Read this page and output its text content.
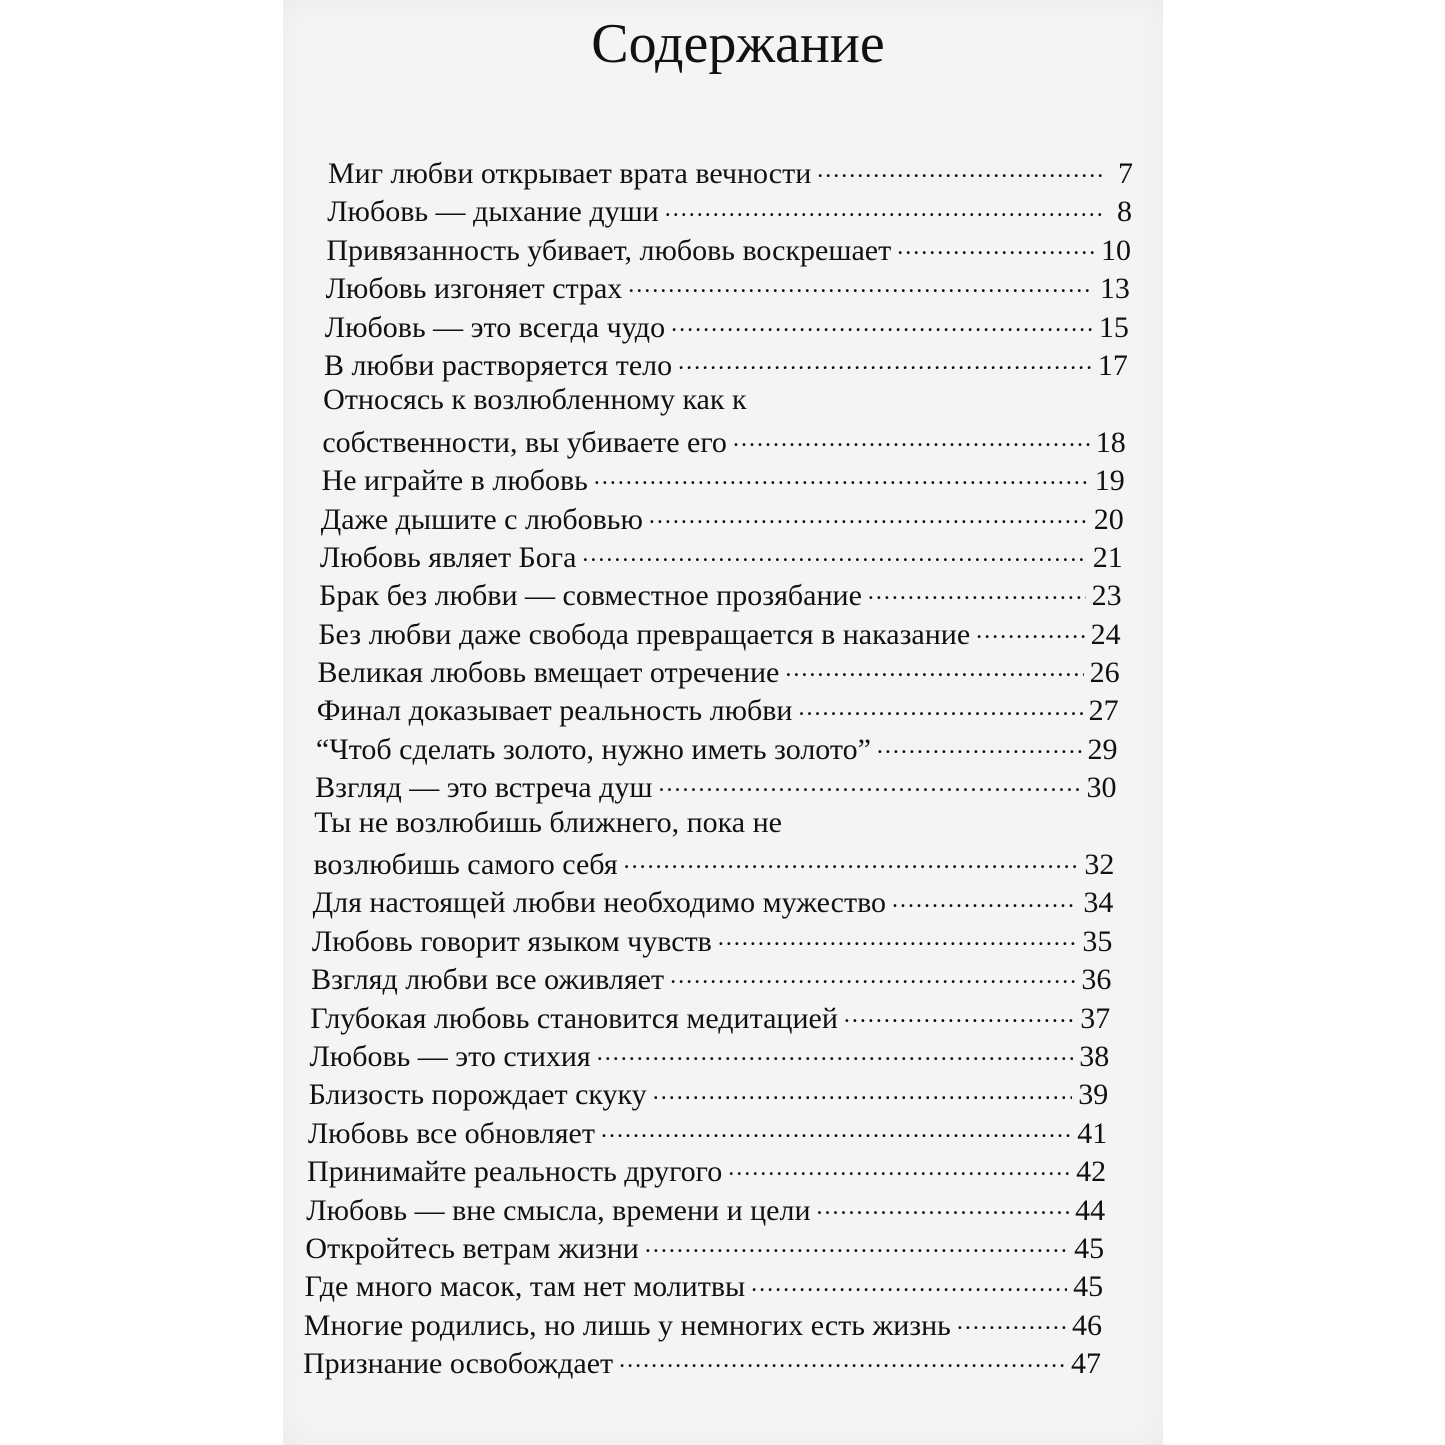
Содержание
Миг любви открывает врата вечности .....	7
Любовь — дыхание души .....	8
Привязанность убивает, любовь воскрешает .....	10
Любовь изгоняет страх .....	13
Любовь — это всегда чудо .....	15
В любви растворяется тело .....	17
Относясь к возлюбленному как к
собственности, вы убиваете его .....	18
Не играйте в любовь .....	19
Даже дышите с любовью .....	20
Любовь являет Бога .....	21
Брак без любви — совместное прозябание .....	23
Без любви даже свобода превращается в наказание .....	24
Великая любовь вмещает отречение .....	26
Финал доказывает реальность любви .....	27
“Чтоб сделать золото, нужно иметь золото” .....	29
Взгляд — это встреча душ .....	30
Ты не возлюбишь ближнего, пока не
возлюбишь самого себя .....	32
Для настоящей любви необходимо мужество .....	34
Любовь говорит языком чувств .....	35
Взгляд любви все оживляет .....	36
Глубокая любовь становится медитацией .....	37
Любовь — это стихия .....	38
Близость порождает скуку .....	39
Любовь все обновляет .....	41
Принимайте реальность другого .....	42
Любовь — вне смысла, времени и цели .....	44
Откройтесь ветрам жизни .....	45
Где много масок, там нет молитвы .....	45
Многие родились, но лишь у немногих есть жизнь .....	46
Признание освобождает .....	47
